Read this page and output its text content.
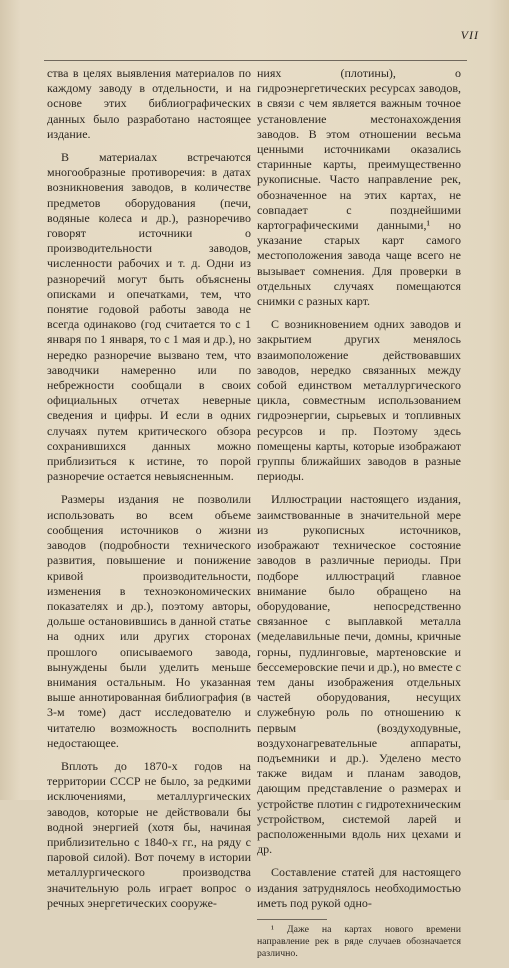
VII

ства в целях выявления материалов по каждому заводу в отдельности, и на основе этих библиографических данных было разработано настоящее издание.

В материалах встречаются многообразные противоречия: в датах возникновения заводов, в количестве предметов оборудования (печи, водяные колеса и др.), разноречиво говорят источники о производительности заводов, численности рабочих и т. д. Одни из разноречий могут быть объяснены описками и опечатками, тем, что понятие годовой работы завода не всегда одинаково (год считается то с 1 января по 1 января, то с 1 мая и др.), но нередко разноречие вызвано тем, что заводчики намеренно или по небрежности сообщали в своих официальных отчетах неверные сведения и цифры. И если в одних случаях путем критического обзора сохранившихся данных можно приблизиться к истине, то порой разноречие остается невыясненным.

Размеры издания не позволили использовать во всем объеме сообщения источников о жизни заводов (подробности технического развития, повышение и понижение кривой производительности, изменения в техноэкономических показателях и др.), поэтому авторы, дольше остановившись в данной статье на одних или других сторонах прошлого описываемого завода, вынуждены были уделить меньше внимания остальным. Но указанная выше аннотированная библиография (в 3-м томе) даст исследователю и читателю возможность восполнить недостающее.

Вплоть до 1870-х годов на территории СССР не было, за редкими исключениями, металлургических заводов, которые не действовали бы водной энергией (хотя бы, начиная приблизительно с 1840-х гг., на ряду с паровой силой). Вот почему в истории металлургического производства значительную роль играет вопрос о речных энергетических сооруже-

ниях (плотины), о гидроэнергетических ресурсах заводов, в связи с чем является важным точное установление местонахождения заводов. В этом отношении весьма ценными источниками оказались старинные карты, преимущественно рукописные. Часто направление рек, обозначенное на этих картах, не совпадает с позднейшими картографическими данными,¹ но указание старых карт самого местоположения завода чаще всего не вызывает сомнения. Для проверки в отдельных случаях помещаются снимки с разных карт.

С возникновением одних заводов и закрытием других менялось взаимоположение действовавших заводов, нередко связанных между собой единством металлургического цикла, совместным использованием гидроэнергии, сырьевых и топливных ресурсов и пр. Поэтому здесь помещены карты, которые изображают группы ближайших заводов в разные периоды.

Иллюстрации настоящего издания, заимствованные в значительной мере из рукописных источников, изображают техническое состояние заводов в различные периоды. При подборе иллюстраций главное внимание было обращено на оборудование, непосредственно связанное с выплавкой металла (меделавильные печи, домны, кричные горны, пудлинговые, мартеновские и бессемеровские печи и др.), но вместе с тем даны изображения отдельных частей оборудования, несущих служебную роль по отношению к первым (воздуходувные, воздухонагревательные аппараты, подъемники и др.). Уделено место также видам и планам заводов, дающим представление о размерах и устройстве плотин с гидротехническим устройством, системой ларей и расположенными вдоль них цехами и др.

Составление статей для настоящего издания затруднялось необходимостью иметь под рукой одно-

¹ Даже на картах нового времени направление рек в ряде случаев обозначается различно.
